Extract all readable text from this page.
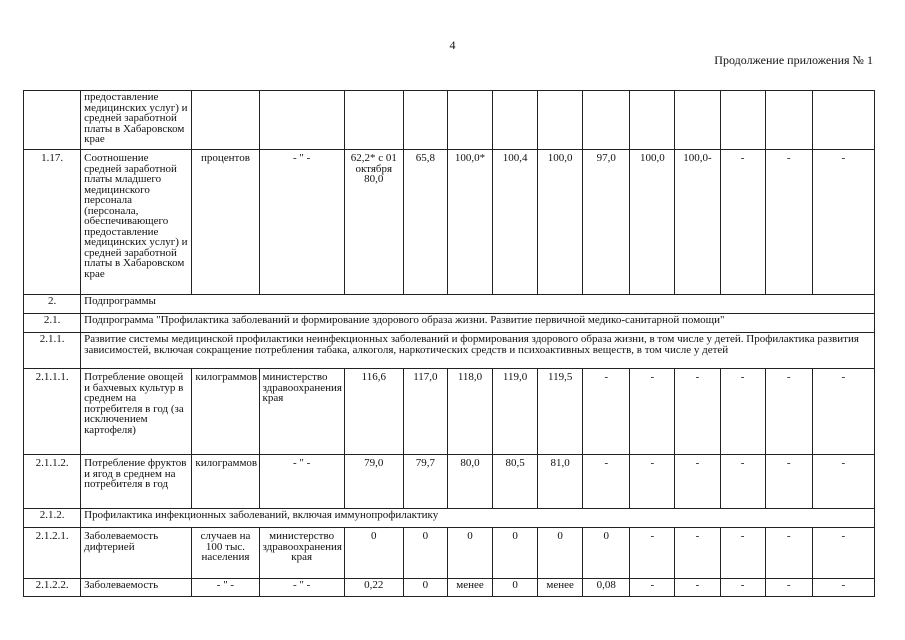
4
Продолжение приложения № 1
	предоставление медицинских услуг) и средней заработной платы в Хабаровском крае													
1.17.	Соотношение средней заработной платы младшего медицинского персонала (персонала, обеспечивающего предоставление медицинских услуг) и средней заработной платы в Хабаровском крае	процентов	- " -	62,2* с 01 октября 80,0	65,8	100,0*	100,4	100,0	97,0	100,0	100,0-	-	-	-
2.	Подпрограммы													
2.1.	Подпрограмма "Профилактика заболеваний и формирование здорового образа жизни. Развитие первичной медико-санитарной помощи"													
2.1.1.	Развитие системы медицинской профилактики неинфекционных заболеваний и формирования здорового образа жизни, в том числе у детей. Профилактика развития зависимостей, включая сокращение потребления табака, алкоголя, наркотических средств и психоактивных веществ, в том числе у детей													
2.1.1.1.	Потребление овощей и бахчевых культур в среднем на потребителя в год (за исключением картофеля)	килограммов	министерство здравоохранения края	116,6	117,0	118,0	119,0	119,5	-	-	-	-	-	-
2.1.1.2.	Потребление фруктов и ягод в среднем на потребителя в год	килограммов	- " -	79,0	79,7	80,0	80,5	81,0	-	-	-	-	-	-
2.1.2.	Профилактика инфекционных заболеваний, включая иммунопрофилактику													
2.1.2.1.	Заболеваемость дифтерией	случаев на 100 тыс. населения	министерство здравоохранения края	0	0	0	0	0	0	-	-	-	-	-
2.1.2.2.	Заболеваемость	- " -	- " -	0,22	0	менее	0	менее	0,08	-	-	-	-	-
